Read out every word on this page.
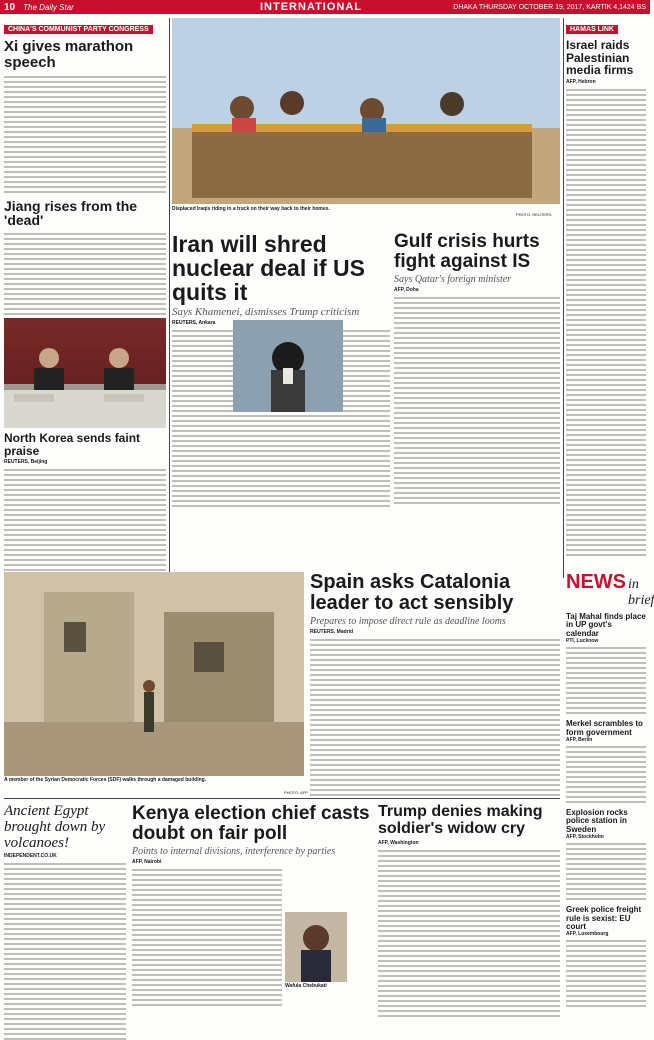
10 The Daily Star	INTERNATIONAL	DHAKA THURSDAY OCTOBER 19, 2017, KARTIK 4,1424 BS
CHINA'S COMMUNIST PARTY CONGRESS
Xi gives marathon speech
Jiang rises from the 'dead'
North Korea sends faint praise
REUTERS, Beijing
Displaced Iraqis riding in a truck on their way back to their homes.
PHOTO: REUTERS
Iran will shred nuclear deal if US quits it
Says Khamenei, dismisses Trump criticism
REUTERS, Ankara
Gulf crisis hurts fight against IS
Says Qatar's foreign minister
AFP, Doha
HAMAS LINK
Israel raids Palestinian media firms
AFP, Hebron
A member of the Syrian Democratic Forces (SDF) walks through a damaged building.
PHOTO: AFP
Spain asks Catalonia leader to act sensibly
Prepares to impose direct rule as deadline looms
REUTERS, Madrid
NEWS in brief
Taj Mahal finds place in UP govt's calendar
PTI, Lucknow
Merkel scrambles to form government
AFP, Berlin
Explosion rocks police station in Sweden
AFP, Stockholm
Greek police freight rule is sexist: EU court
AFP, Luxembourg
Ancient Egypt brought down by volcanoes!
INDEPENDENT.CO.UK
Kenya election chief casts doubt on fair poll
Points to internal divisions, interference by parties
AFP, Nairobi
Wafula Chebukati
Trump denies making soldier's widow cry
AFP, Washington
